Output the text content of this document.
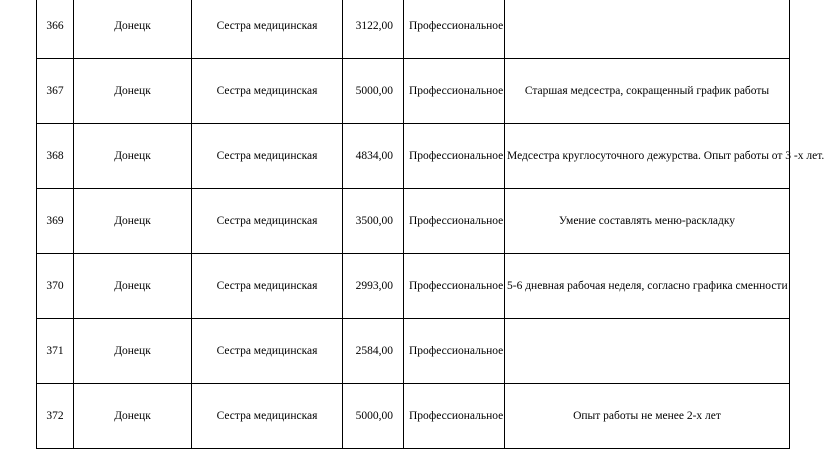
366	Донецк	Сестра медицинская	3122,00	Профессиональное	
367	Донецк	Сестра медицинская	5000,00	Профессиональное	Старшая медсестра, сокращенный график работы
368	Донецк	Сестра медицинская	4834,00	Профессиональное	Медсестра круглосуточного дежурства. Опыт работы от 3 -х лет.
369	Донецк	Сестра медицинская	3500,00	Профессиональное	Умение составлять меню-раскладку
370	Донецк	Сестра медицинская	2993,00	Профессиональное	5-6 дневная рабочая неделя, согласно графика сменности
371	Донецк	Сестра медицинская	2584,00	Профессиональное	
372	Донецк	Сестра медицинская	5000,00	Профессиональное	Опыт работы не менее 2-х лет
